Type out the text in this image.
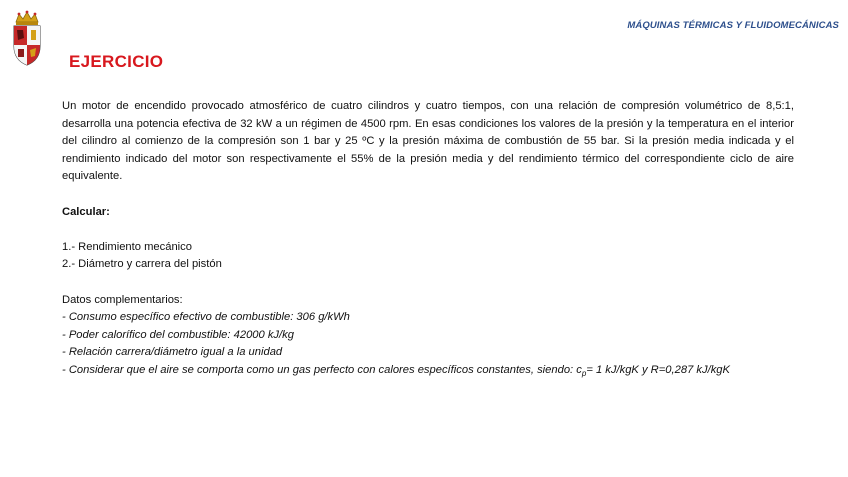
MÁQUINAS TÉRMICAS Y FLUIDOMECÁNICAS
EJERCICIO

Un motor de encendido provocado atmosférico de cuatro cilindros y cuatro tiempos, con una relación de compresión volumétrico de 8,5:1, desarrolla una potencia efectiva de 32 kW a un régimen de 4500 rpm. En esas condiciones los valores de la presión y la temperatura en el interior del cilindro al comienzo de la compresión son 1 bar y 25 ºC y la presión máxima de combustión de 55 bar. Si la presión media indicada y el rendimiento indicado del motor son respectivamente el 55% de la presión media y del rendimiento térmico del correspondiente ciclo de aire equivalente.

Calcular:

1.- Rendimiento mecánico

2.- Diámetro y carrera del pistón

Datos complementarios:

- Consumo específico efectivo de combustible: 306 g/kWh

- Poder calorífico del combustible: 42000 kJ/kg

- Relación carrera/diámetro igual a la unidad

- Considerar que el aire se comporta como un gas perfecto con calores específicos constantes, siendo: $c_p= 1$ kJ/kgK y R=0,287 kJ/kgK
